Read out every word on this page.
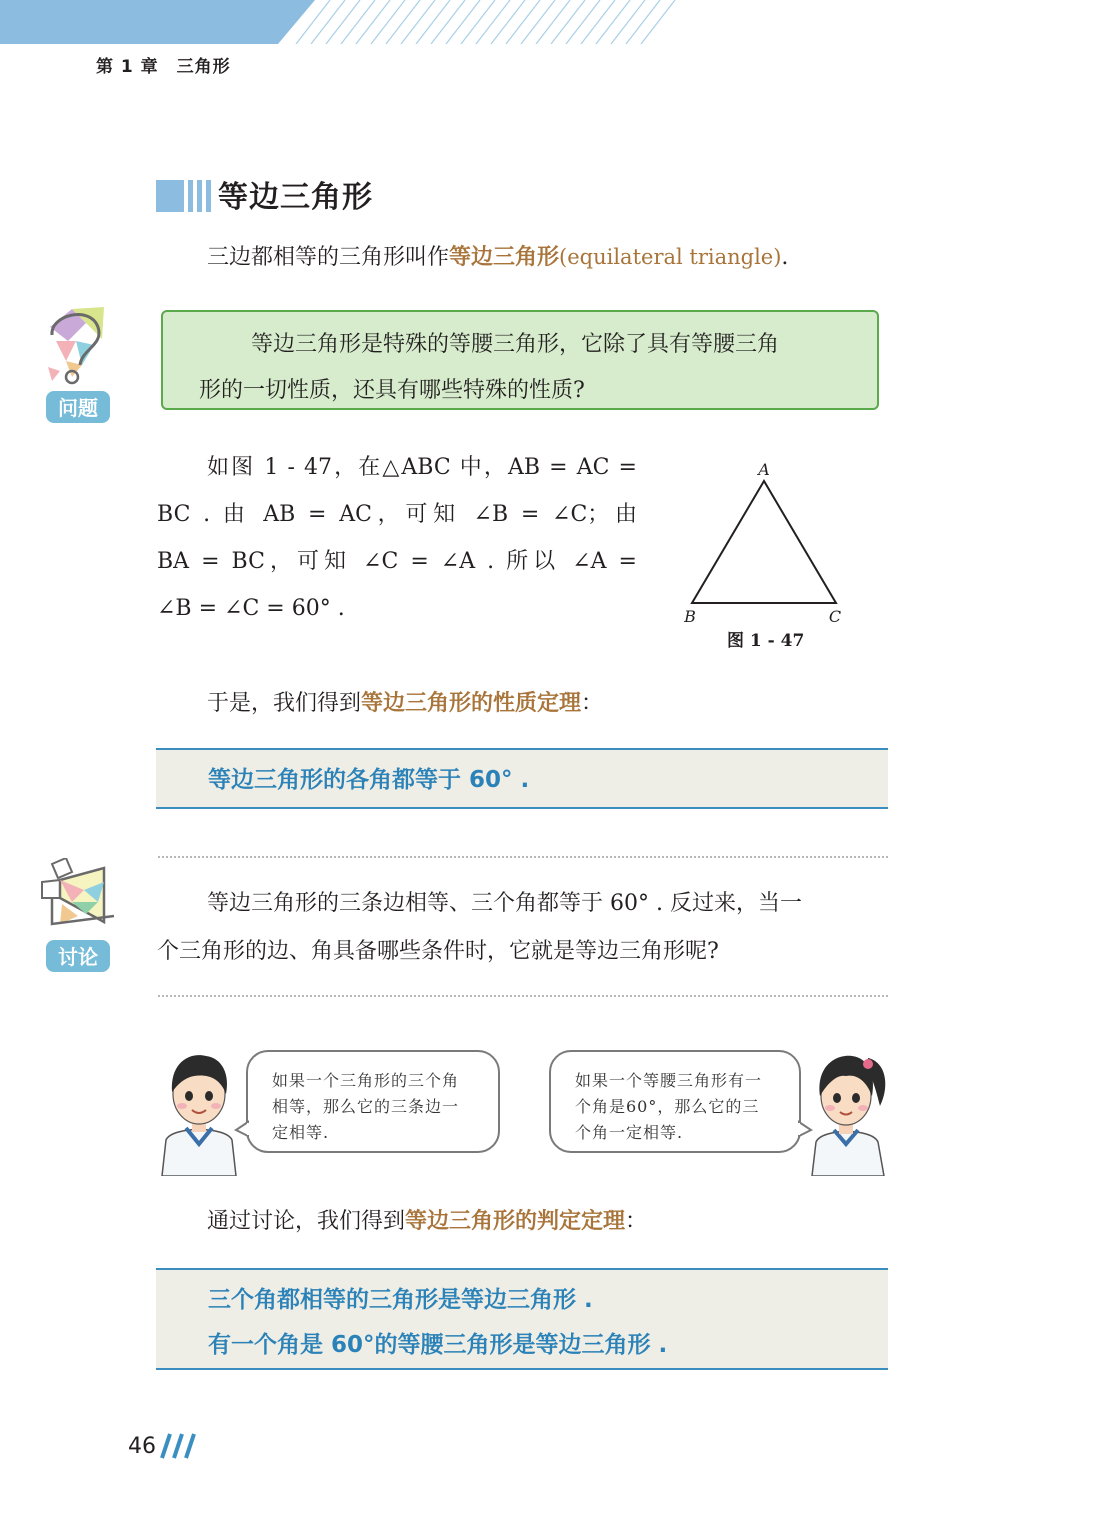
第 1 章　三角形
等边三角形
三边都相等的三角形叫作等边三角形(equilateral triangle).
问题
等边三角形是特殊的等腰三角形，它除了具有等腰三角
形的一切性质，还具有哪些特殊的性质?

如图 1 - 47，在△ABC 中，AB = AC =

BC . 由 AB = AC，可知 ∠B = ∠C；由

BA = BC，可知 ∠C = ∠A . 所以 ∠A =

∠B = ∠C = 60° .

A
B	C
图 1 - 47
于是，我们得到等边三角形的性质定理：
等边三角形的各角都等于 60° .
讨论
等边三角形的三条边相等、三个角都等于 60° . 反过来，当一
个三角形的边、角具备哪些条件时，它就是等边三角形呢?
如果一个三角形的三个角
相等，那么它的三条边一
定相等.
如果一个等腰三角形有一
个角是60°，那么它的三
个角一定相等.
通过讨论，我们得到等边三角形的判定定理：
三个角都相等的三角形是等边三角形 .
有一个角是 60°的等腰三角形是等边三角形 .
46
